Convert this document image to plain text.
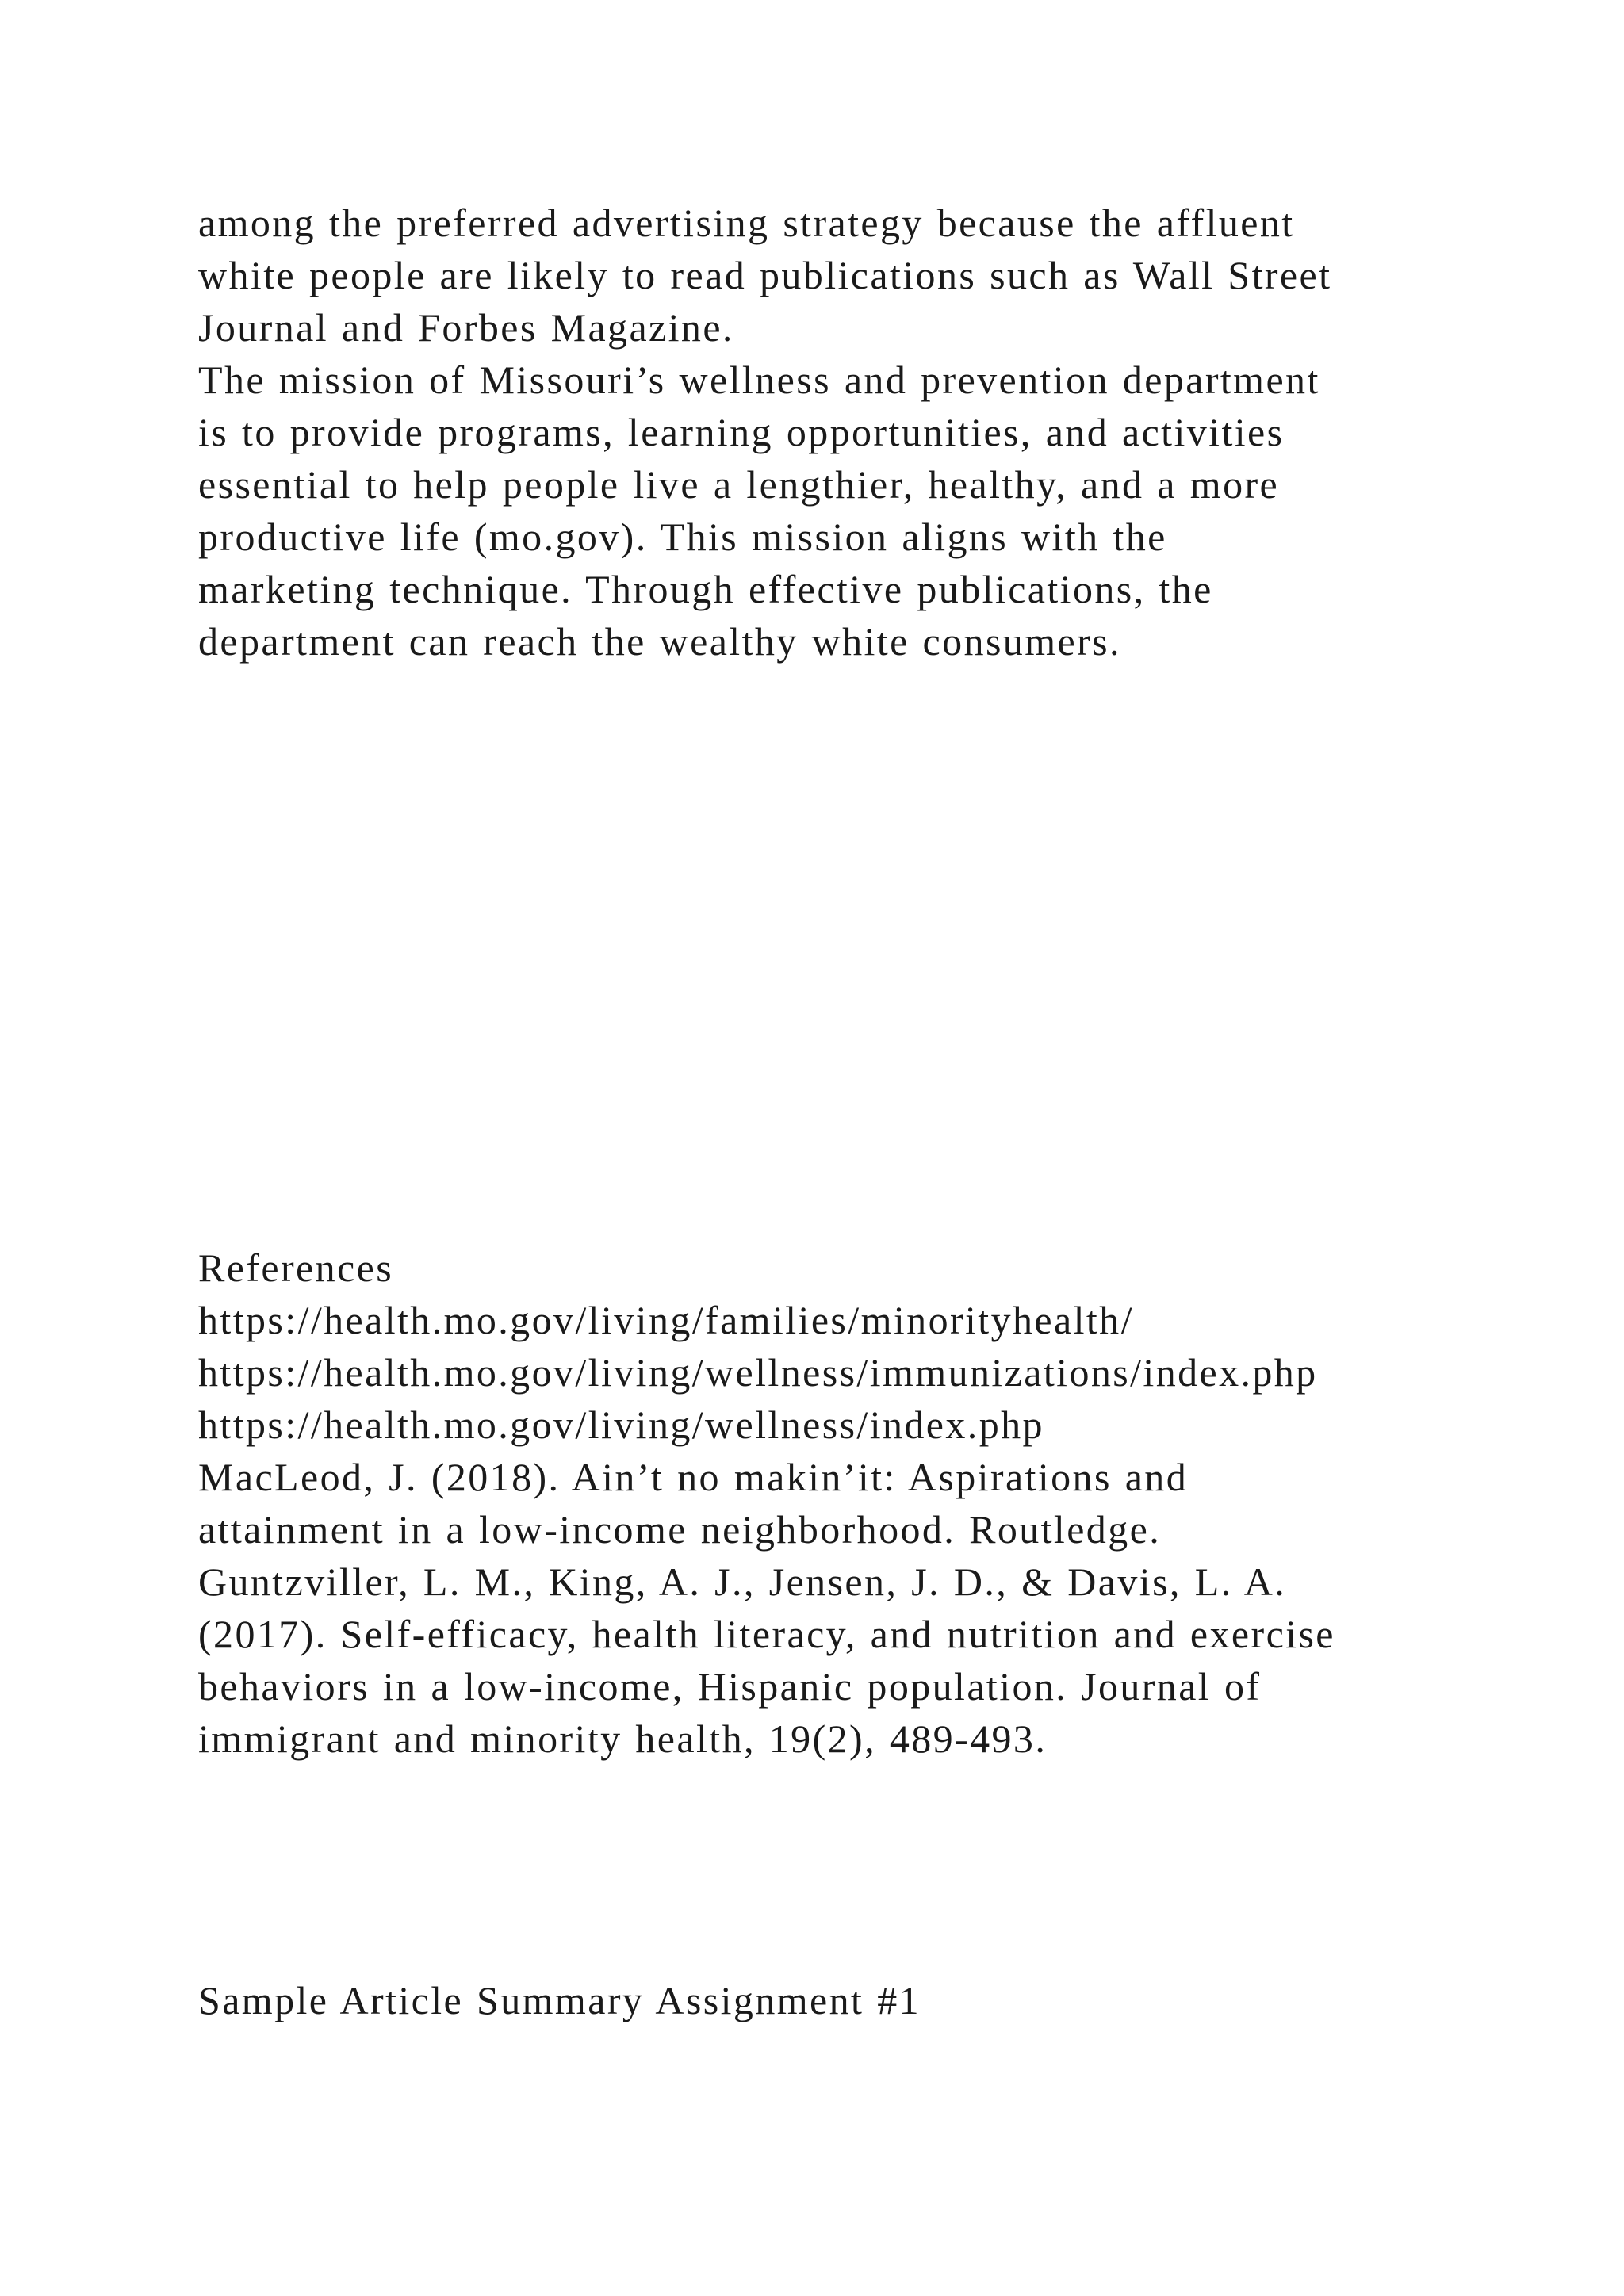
among the preferred advertising strategy because the affluent
white people are likely to read publications such as Wall Street
Journal and Forbes Magazine.
The mission of Missouri’s wellness and prevention department
is to provide programs, learning opportunities, and activities
essential to help people live a lengthier, healthy, and a more
productive life (mo.gov). This mission aligns with the
marketing technique. Through effective publications, the
department can reach the wealthy white consumers.
References
https://health.mo.gov/living/families/minorityhealth/
https://health.mo.gov/living/wellness/immunizations/index.php
https://health.mo.gov/living/wellness/index.php
MacLeod, J. (2018). Ain’t no makin’it: Aspirations and
attainment in a low-income neighborhood. Routledge.
Guntzviller, L. M., King, A. J., Jensen, J. D., & Davis, L. A.
(2017). Self-efficacy, health literacy, and nutrition and exercise
behaviors in a low-income, Hispanic population. Journal of
immigrant and minority health, 19(2), 489-493.
Sample Article Summary Assignment #1
